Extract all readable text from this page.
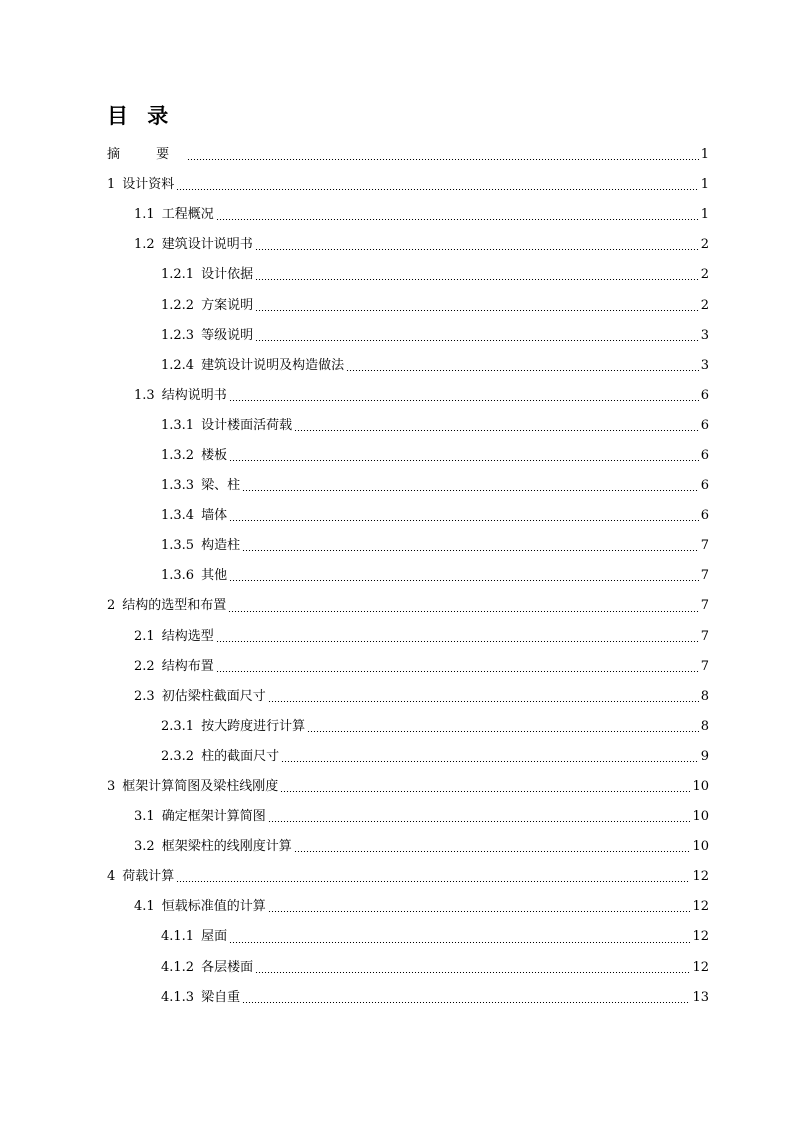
目 录
摘 要	1
1 设计资料	1
1.1 工程概况	1
1.2 建筑设计说明书	2
1.2.1 设计依据	2
1.2.2 方案说明	2
1.2.3 等级说明	3
1.2.4 建筑设计说明及构造做法	3
1.3 结构说明书	6
1.3.1 设计楼面活荷载	6
1.3.2 楼板	6
1.3.3 梁、柱	6
1.3.4 墙体	6
1.3.5 构造柱	7
1.3.6 其他	7
2 结构的选型和布置	7
2.1 结构选型	7
2.2 结构布置	7
2.3 初估梁柱截面尺寸	8
2.3.1 按大跨度进行计算	8
2.3.2 柱的截面尺寸	9
3 框架计算简图及梁柱线刚度	10
3.1 确定框架计算简图	10
3.2 框架梁柱的线刚度计算	10
4 荷载计算	12
4.1 恒载标准值的计算	12
4.1.1 屋面	12
4.1.2 各层楼面	12
4.1.3 梁自重	13
